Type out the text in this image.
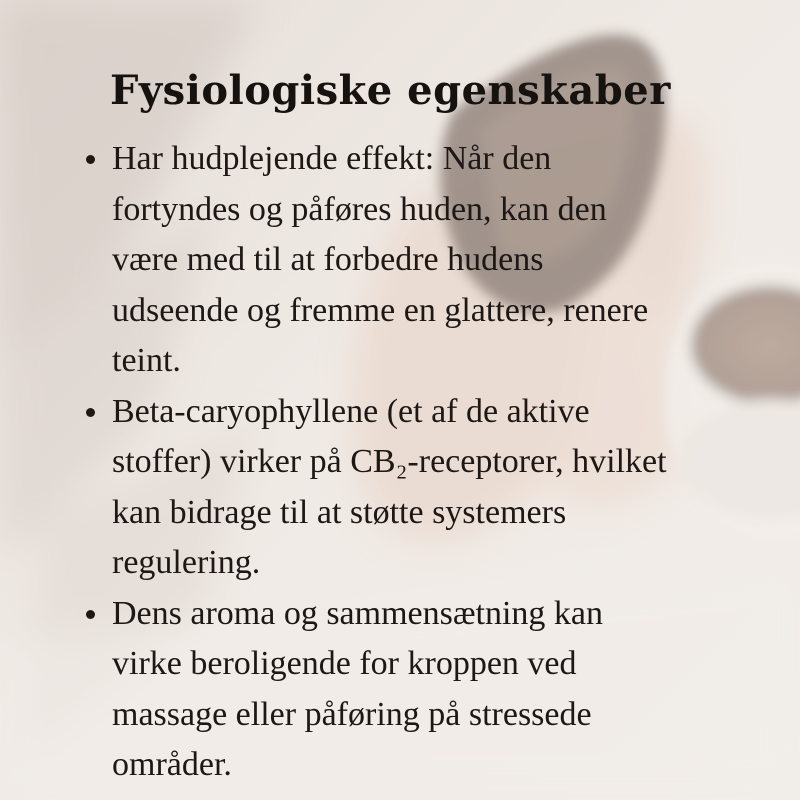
Fysiologiske egenskaber
Har hudplejende effekt: Når den
fortyndes og påføres huden, kan den
være med til at forbedre hudens
udseende og fremme en glattere, renere
teint.
Beta-caryophyllene (et af de aktive
stoffer) virker på CB₂-receptorer, hvilket
kan bidrage til at støtte systemers
regulering.
Dens aroma og sammensætning kan
virke beroligende for kroppen ved
massage eller påføring på stressede
områder.
